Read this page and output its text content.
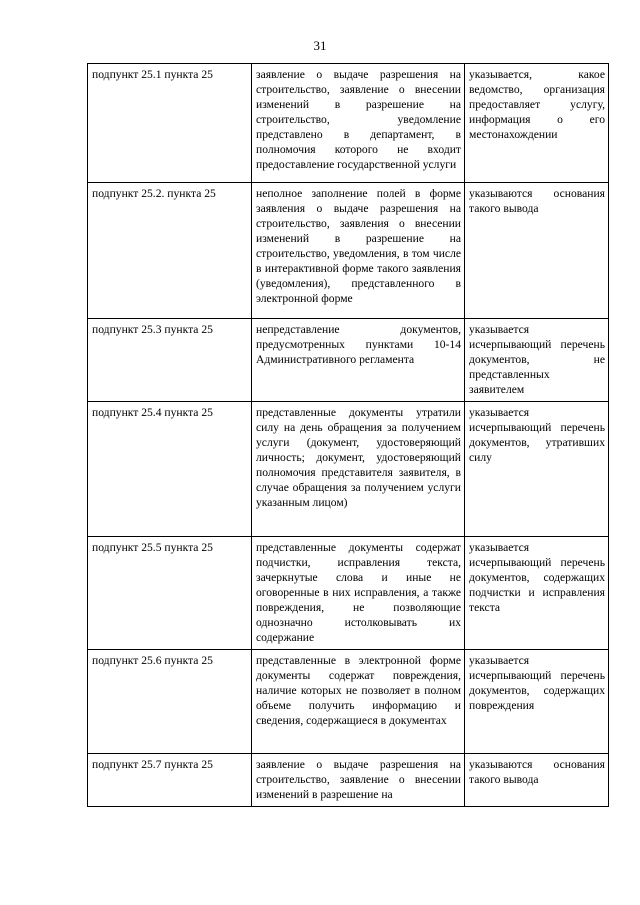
31
подпункт 25.1 пункта 25	заявление о выдаче разрешения на строительство, заявление о внесении изменений в разрешение на строительство, уведомление представлено в департамент, в полномочия которого не входит предоставление государственной услуги	указывается, какое ведомство, организация предоставляет услугу, информация о его местонахождении
подпункт 25.2. пункта 25	неполное заполнение полей в форме заявления о выдаче разрешения на строительство, заявления о внесении изменений в разрешение на строительство, уведомления, в том числе в интерактивной форме такого заявления (уведомления), представленного в электронной форме	указываются основания такого вывода
подпункт 25.3 пункта 25	непредставление документов, предусмотренных пунктами 10-14 Административного регламента	указывается исчерпывающий перечень документов, не представленных заявителем
подпункт 25.4 пункта 25	представленные документы утратили силу на день обращения за получением услуги (документ, удостоверяющий личность; документ, удостоверяющий полномочия представителя заявителя, в случае обращения за получением услуги указанным лицом)	указывается исчерпывающий перечень документов, утративших силу
подпункт 25.5 пункта 25	представленные документы содержат подчистки, исправления текста, зачеркнутые слова и иные не оговоренные в них исправления, а также повреждения, не позволяющие однозначно истолковывать их содержание	указывается исчерпывающий перечень документов, содержащих подчистки и исправления текста
подпункт 25.6 пункта 25	представленные в электронной форме документы содержат повреждения, наличие которых не позволяет в полном объеме получить информацию и сведения, содержащиеся в документах	указывается исчерпывающий перечень документов, содержащих повреждения
подпункт 25.7 пункта 25	заявление о выдаче разрешения на строительство, заявление о внесении изменений в разрешение на	указываются основания такого вывода
